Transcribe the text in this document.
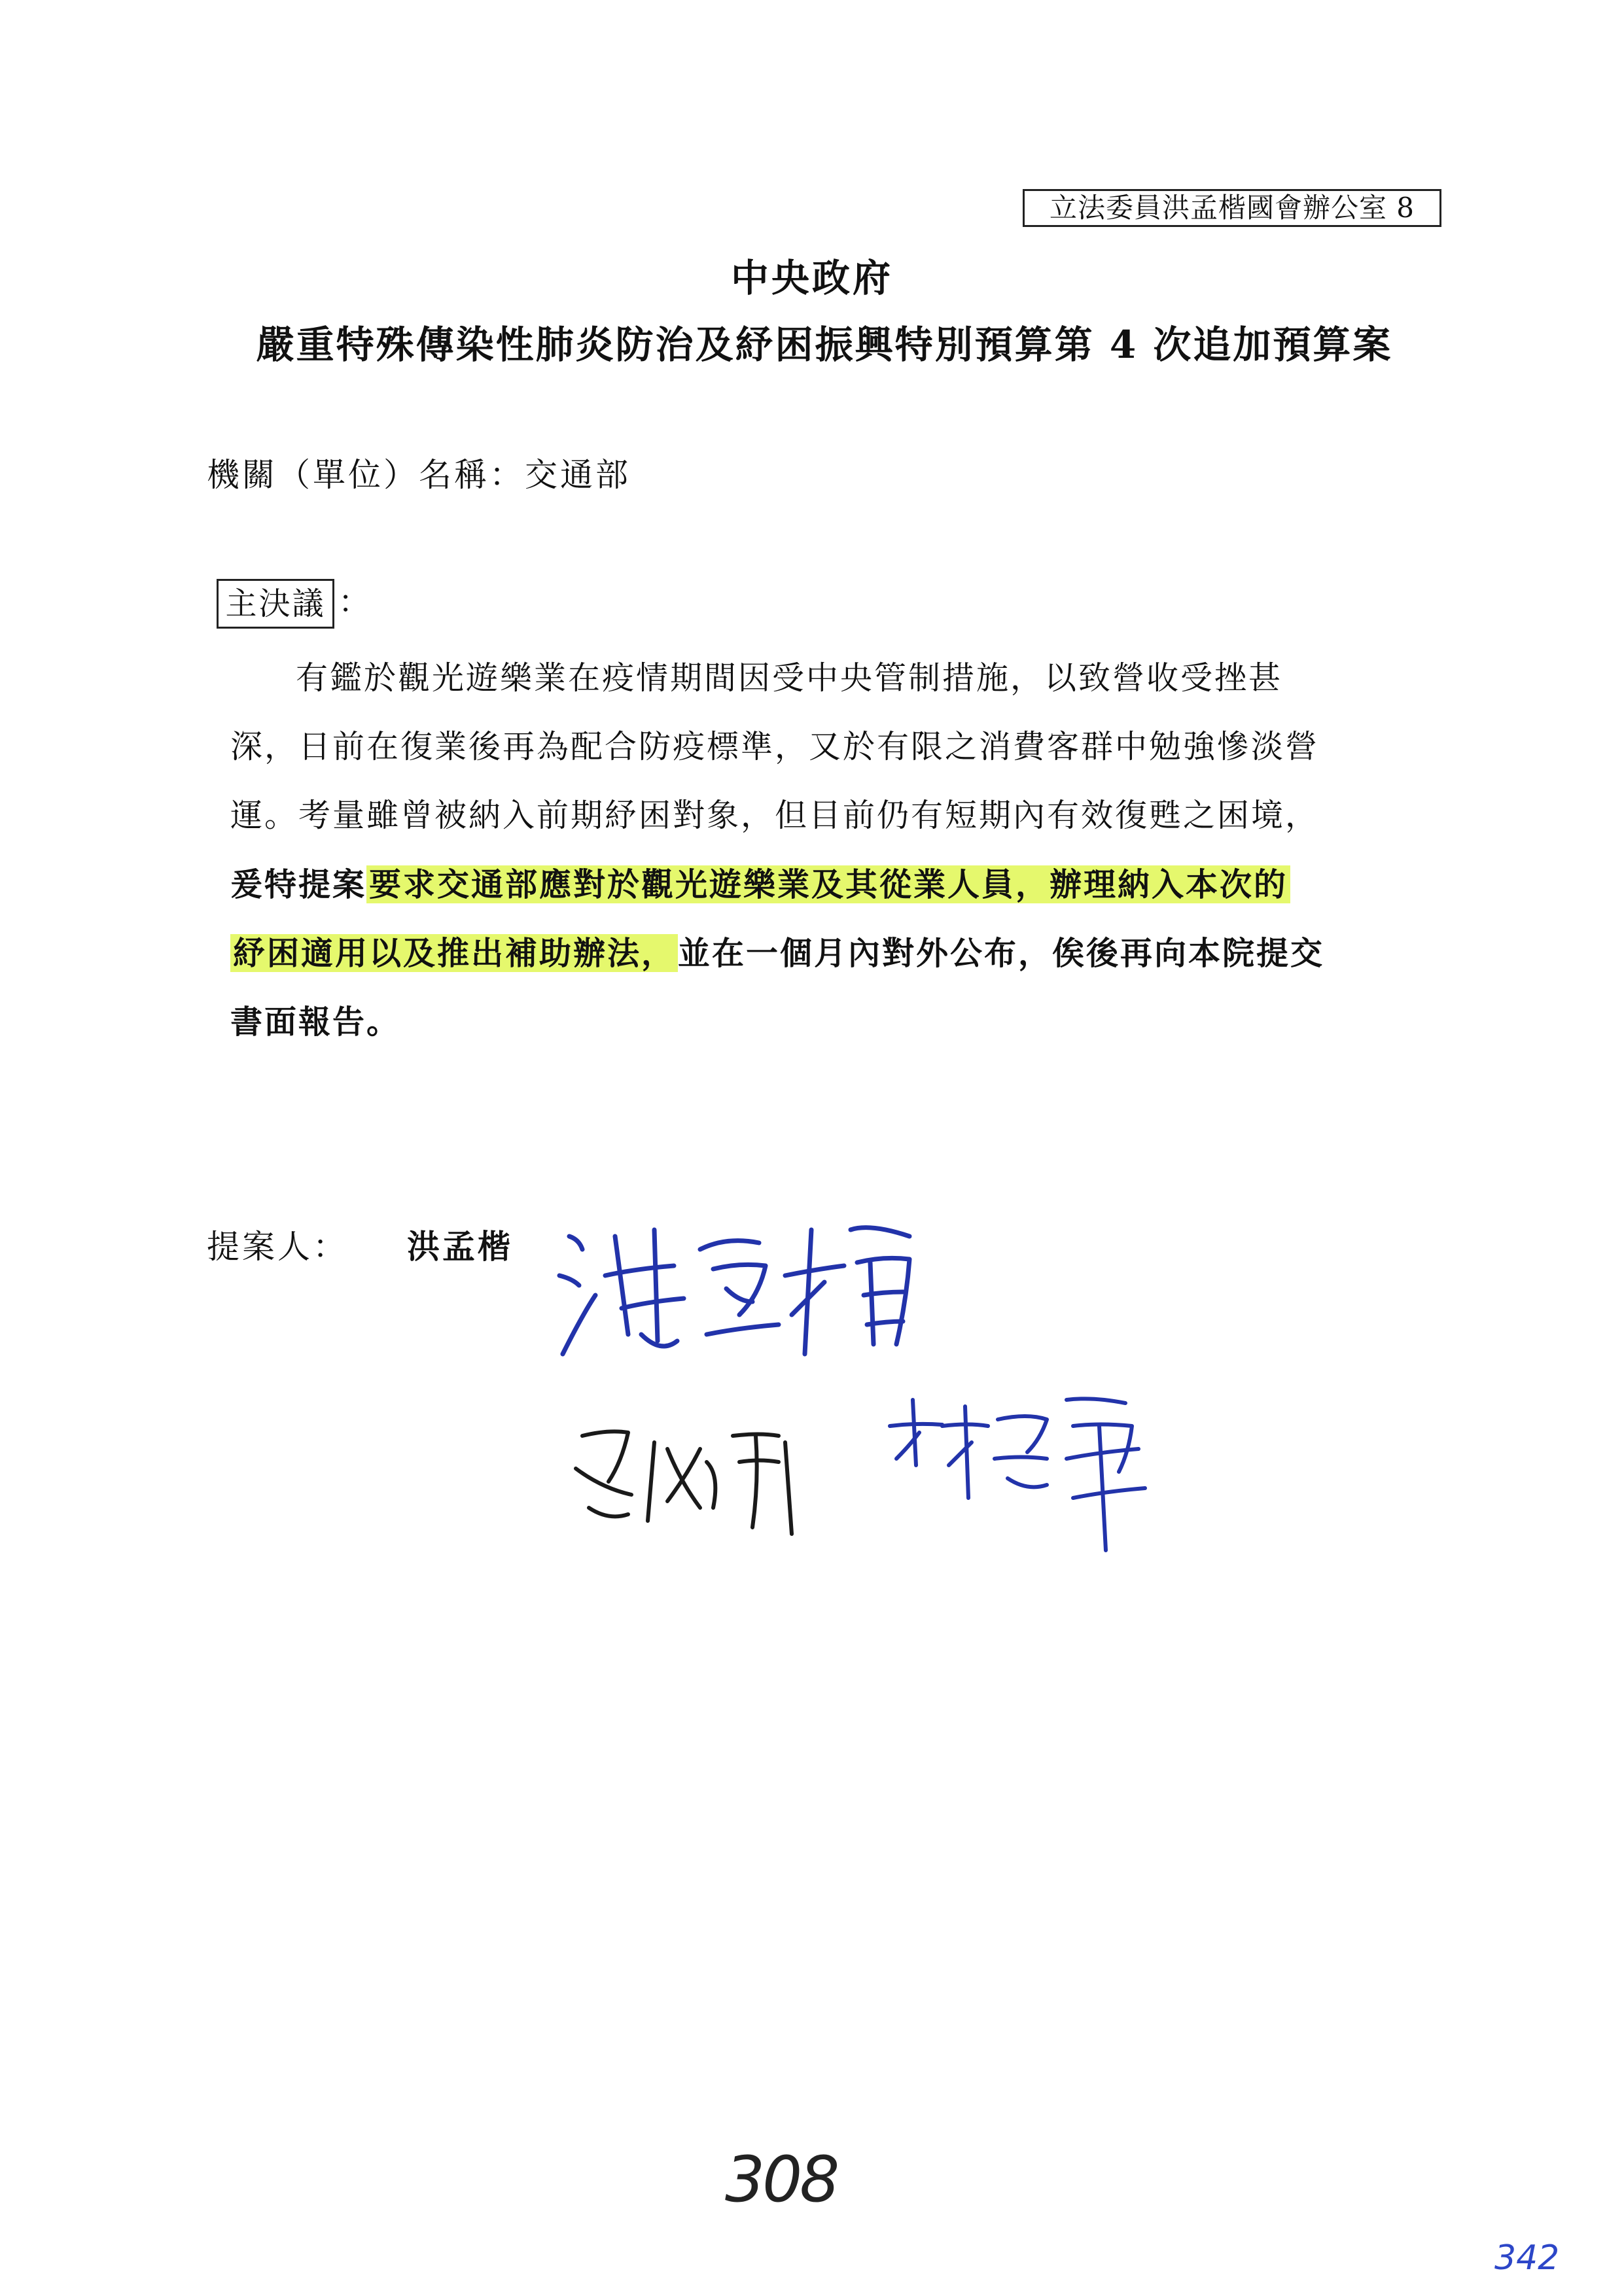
立法委員洪孟楷國會辦公室 8
中央政府
嚴重特殊傳染性肺炎防治及紓困振興特別預算第 4 次追加預算案
機關（單位）名稱：交通部
主決議 ：
有鑑於觀光遊樂業在疫情期間因受中央管制措施，以致營收受挫甚
深，日前在復業後再為配合防疫標準，又於有限之消費客群中勉強慘淡營
運。考量雖曾被納入前期紓困對象，但目前仍有短期內有效復甦之困境，
爰特提案要求交通部應對於觀光遊樂業及其從業人員，辦理納入本次的
紓困適用以及推出補助辦法，並在一個月內對外公布，俟後再向本院提交
書面報告。
提案人： 洪孟楷
308
342
